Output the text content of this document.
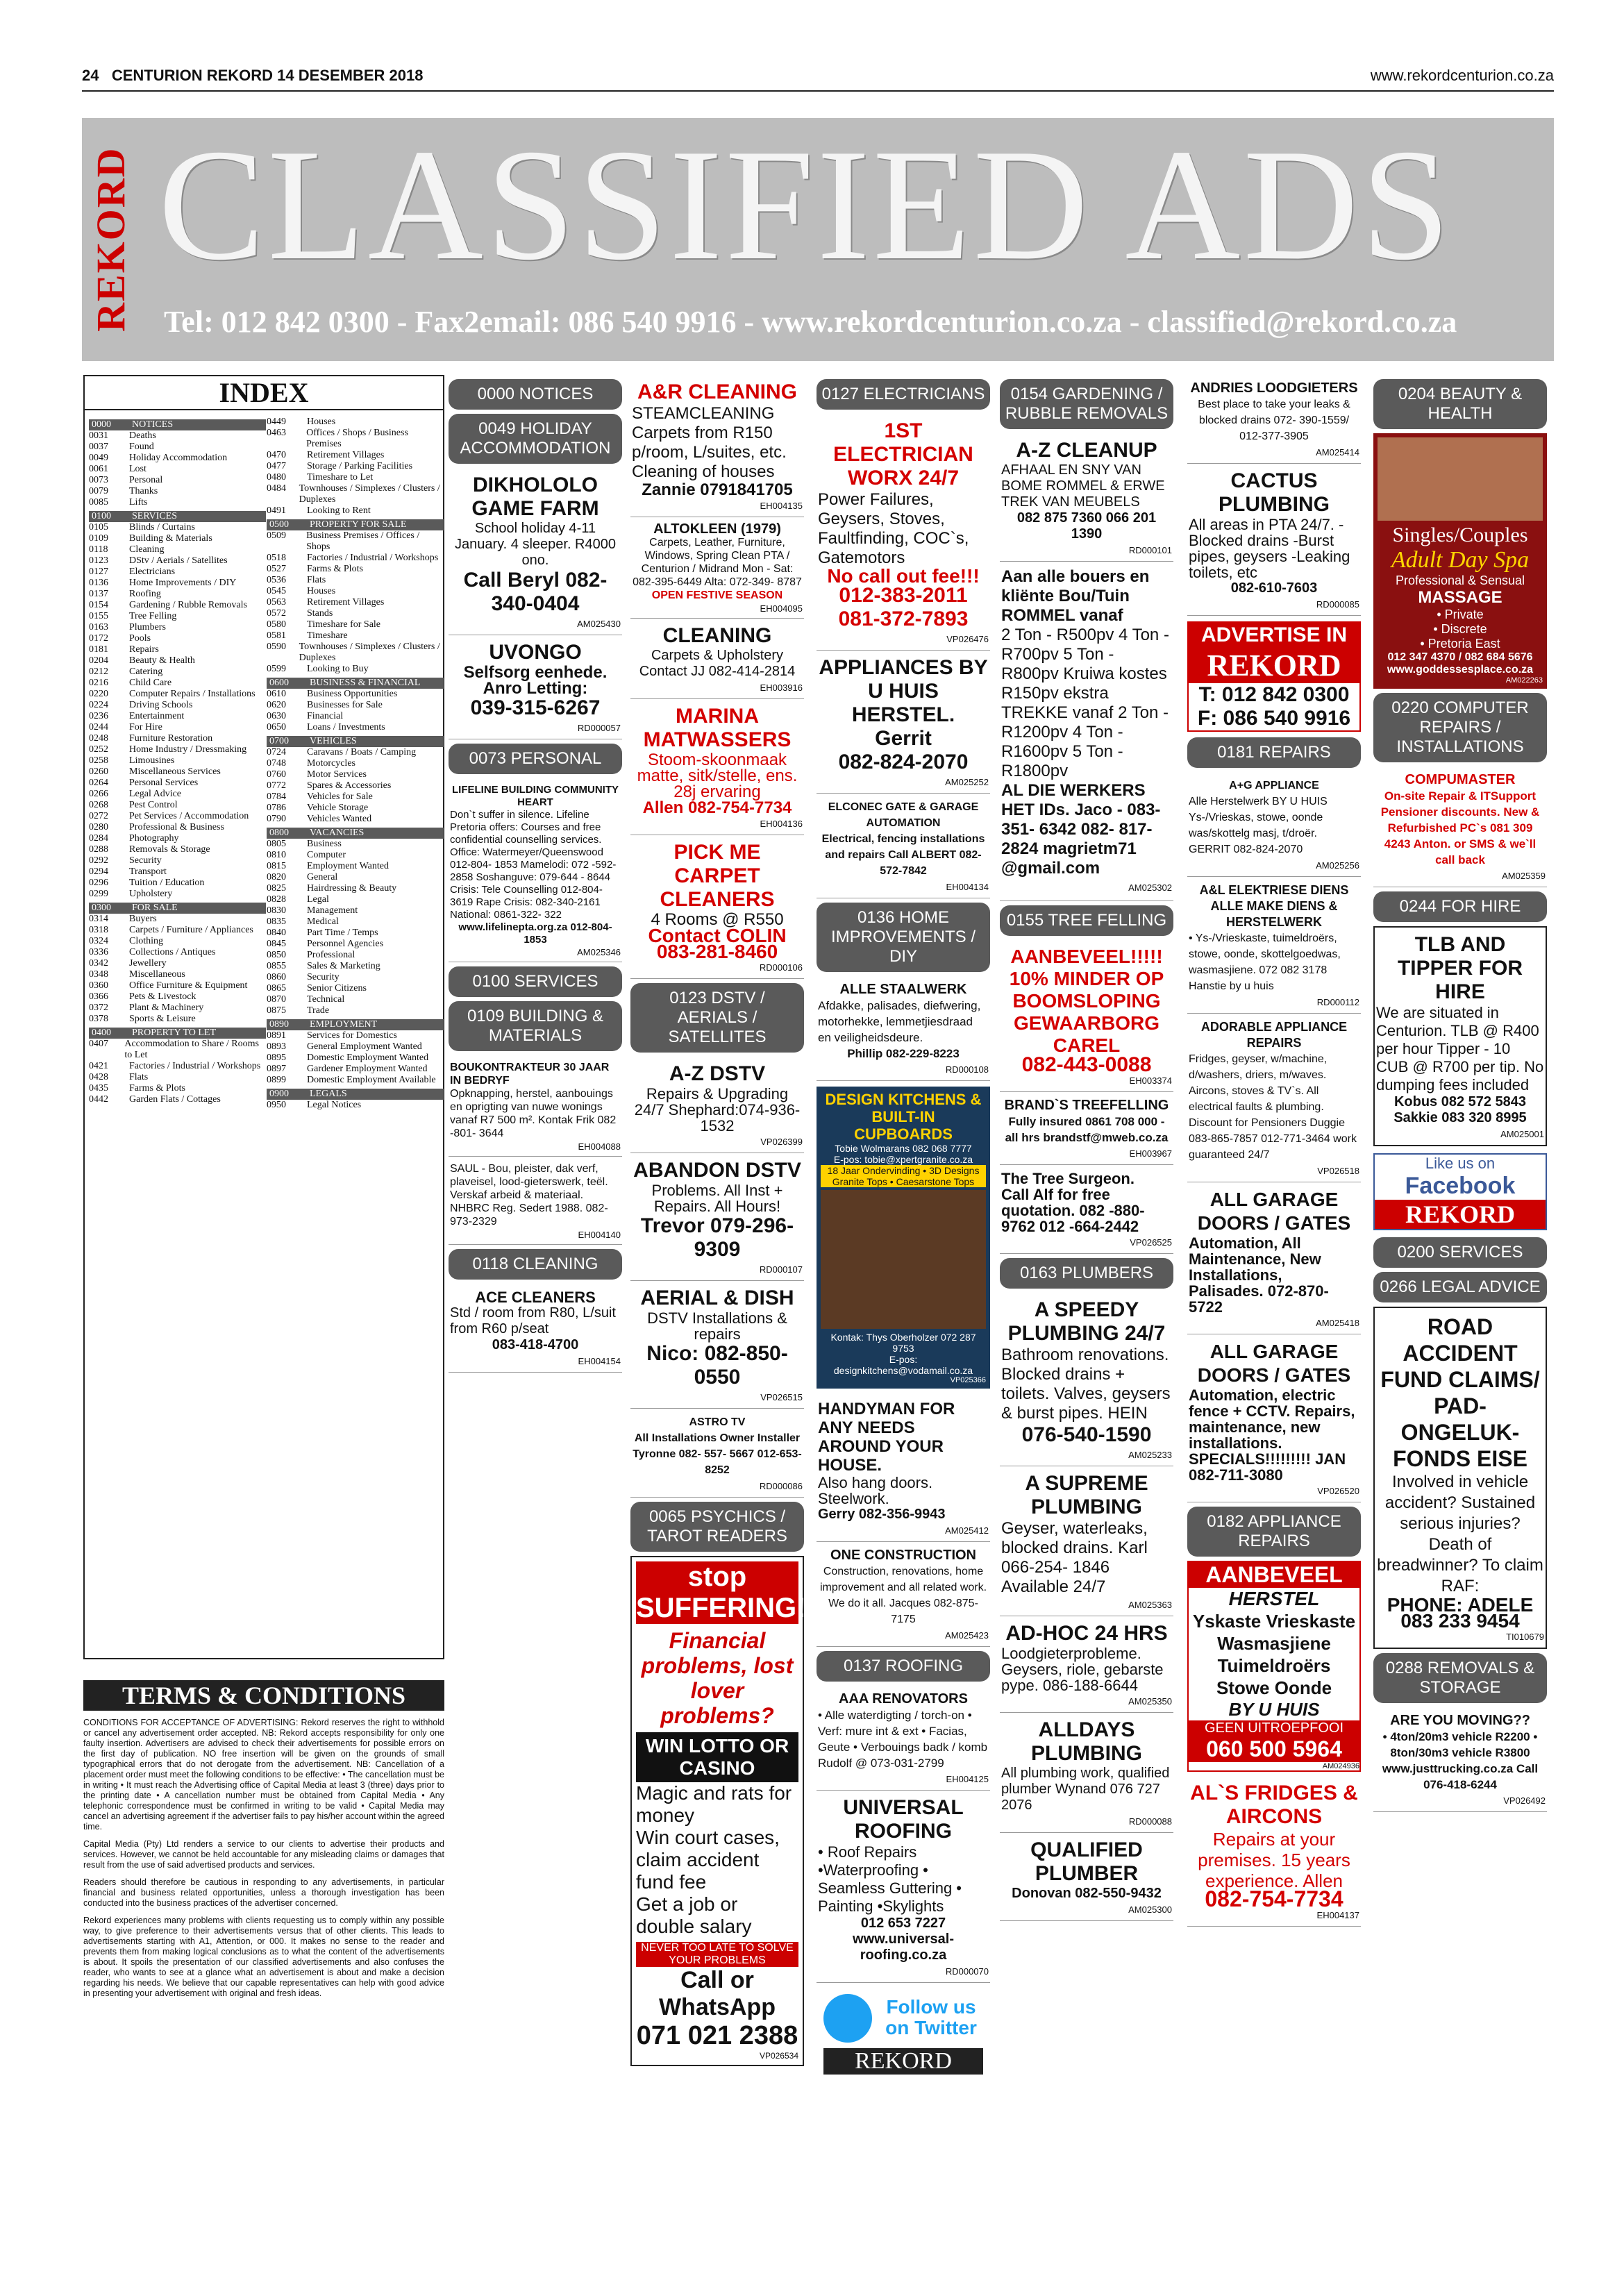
24 CENTURION REKORD 14 DESEMBER 2018	www.rekordcenturion.co.za
REKORD CLASSIFIED ADS
Tel: 012 842 0300 - Fax2email: 086 540 9916 - www.rekordcenturion.co.za - classified@rekord.co.za
INDEX
0000	NOTICES
0031	Deaths
0037	Found
0049	Holiday Accommodation
0061	Lost
0073	Personal
0079	Thanks
0085	Lifts
0100	SERVICES
0105	Blinds / Curtains
0109	Building & Materials
0118	Cleaning
0123	DStv / Aerials / Satellites
0127	Electricians
0136	Home Improvements / DIY
0137	Roofing
0154	Gardening / Rubble Removals
0155	Tree Felling
0163	Plumbers
0172	Pools
0181	Repairs
0204	Beauty & Health
0212	Catering
0216	Child Care
0220	Computer Repairs / Installations
0224	Driving Schools
0236	Entertainment
0244	For Hire
0248	Furniture Restoration
0252	Home Industry / Dressmaking
0258	Limousines
0260	Miscellaneous Services
0264	Personal Services
0266	Legal Advice
0268	Pest Control
0272	Pet Services / Accommodation
0280	Professional & Business
0284	Photography
0288	Removals & Storage
0292	Security
0294	Transport
0296	Tuition / Education
0299	Upholstery
0300	FOR SALE
0314	Buyers
0318	Carpets / Furniture / Appliances
0324	Clothing
0336	Collections / Antiques
0342	Jewellery
0348	Miscellaneous
0360	Office Furniture & Equipment
0366	Pets & Livestock
0372	Plant & Machinery
0378	Sports & Leisure
0400	PROPERTY TO LET
0407	Accommodation to Share / Rooms to Let
0421	Factories / Industrial / Workshops
0428	Flats
0435	Farms & Plots
0442	Garden Flats / Cottages
0449	Houses
0463	Offices / Shops / Business Premises
0470	Retirement Villages
0477	Storage / Parking Facilities
0480	Timeshare to Let
0484	Townhouses / Simplexes / Clusters / Duplexes
0491	Looking to Rent
0500	PROPERTY FOR SALE
0509	Business Premises / Offices / Shops
0518	Factories / Industrial / Workshops
0527	Farms & Plots
0536	Flats
0545	Houses
0563	Retirement Villages
0572	Stands
0580	Timeshare for Sale
0581	Timeshare
0590	Townhouses / Simplexes / Clusters / Duplexes
0599	Looking to Buy
0600	BUSINESS & FINANCIAL
0610	Business Opportunities
0620	Businesses for Sale
0630	Financial
0650	Loans / Investments
0700	VEHICLES
0724	Caravans / Boats / Camping
0748	Motorcycles
0760	Motor Services
0772	Spares & Accessories
0784	Vehicles for Sale
0786	Vehicle Storage
0790	Vehicles Wanted
0800	VACANCIES
0805	Business
0810	Computer
0815	Employment Wanted
0820	General
0825	Hairdressing & Beauty
0828	Legal
0830	Management
0835	Medical
0840	Part Time / Temps
0845	Personnel Agencies
0850	Professional
0855	Sales & Marketing
0860	Security
0865	Senior Citizens
0870	Technical
0875	Trade
0890	EMPLOYMENT
0891	Services for Domestics
0893	General Employment Wanted
0895	Domestic Employment Wanted
0897	Gardener Employment Wanted
0899	Domestic Employment Available
0900	LEGALS
0950	Legal Notices
TERMS & CONDITIONS

CONDITIONS FOR ACCEPTANCE OF ADVERTISING: Rekord reserves the right to withhold or cancel any advertisement order accepted. NB: Rekord accepts responsibility for only one faulty insertion. Advertisers are advised to check their advertisements for possible errors on the first day of publication. NO free insertion will be given on the grounds of small typographical errors that do not derogate from the advertisement. NB: Cancellation of a placement order must meet the following conditions to be effective: • The cancellation must be in writing • It must reach the Advertising office of Capital Media at least 3 (three) days prior to the printing date • A cancellation number must be obtained from Capital Media • Any telephonic correspondence must be confirmed in writing to be valid • Capital Media may cancel an advertising agreement if the advertiser fails to pay his/her account within the agreed time.

Capital Media (Pty) Ltd renders a service to our clients to advertise their products and services. However, we cannot be held accountable for any misleading claims or damages that result from the use of said advertised products and services.

Readers should therefore be cautious in responding to any advertisements, in particular financial and business related opportunities, unless a thorough investigation has been conducted into the business practices of the advertiser concerned.

Rekord experiences many problems with clients requesting us to comply within any possible way, to give preference to their advertisements versus that of other clients. This leads to advertisements starting with A1, Attention, or 000. It makes no sense to the reader and prevents them from making logical conclusions as to what the content of the advertisements is about. It spoils the presentation of our classified advertisements and also confuses the reader, who wants to see at a glance what an advertisement is about and make a decision regarding his needs. We believe that our capable representatives can help with good advice in presenting your advertisement with original and fresh ideas.

0000 NOTICES
0049 HOLIDAY ACCOMMODATION
DIKHOLOLO GAME FARM
School holiday 4-11 January. 4 sleeper. R4000 ono.
Call Beryl 082-340-0404
AM025430
UVONGO
Selfsorg eenhede. Anro Letting:
039-315-6267
RD000057
0073 PERSONAL
LIFELINE BUILDING COMMUNITY HEART
Don`t suffer in silence. Lifeline Pretoria offers: Courses and free confidential counselling services. Office: Watermeyer/Queenswood 012-804- 1853 Mamelodi: 072 -592-2858 Soshanguve: 079-644 - 8644 Crisis: Tele Counselling 012-804- 3619 Rape Crisis: 082-340-2161 National: 0861-322- 322
www.lifelinepta.org.za 012-804-1853
AM025346
0100 SERVICES
0109 BUILDING & MATERIALS
BOUKONTRAKTEUR 30 JAAR IN BEDRYF
Opknapping, herstel, aanbouings en oprigting van nuwe wonings vanaf R7 500 m². Kontak Frik 082 -801- 3644
EH004088
SAUL - Bou, pleister, dak verf, plaveisel, lood-gieterswerk, teël. Verskaf arbeid & materiaal. NHBRC Reg. Sedert 1988. 082-973-2329
EH004140
0118 CLEANING
ACE CLEANERS
Std / room from R80, L/suit from R60 p/seat
083-418-4700
EH004154
A&R CLEANING
STEAMCLEANING Carpets from R150 p/room, L/suites, etc. Cleaning of houses
Zannie 0791841705
EH004135
ALTOKLEEN (1979)
Carpets, Leather, Furniture, Windows, Spring Clean PTA / Centurion / Midrand Mon - Sat: 082-395-6449 Alta: 072-349- 8787
OPEN FESTIVE SEASON
EH004095
CLEANING
Carpets & Upholstery Contact JJ 082-414-2814
EH003916
MARINA MATWASSERS
Stoom-skoonmaak matte, sitk/stelle, ens. 28j ervaring
Allen 082-754-7734
EH004136
PICK ME CARPET CLEANERS
4 Rooms @ R550
Contact COLIN 083-281-8460
RD000106
0123 DSTV / AERIALS / SATELLITES
A-Z DSTV
Repairs & Upgrading 24/7 Shephard:074-936-1532
VP026399
ABANDON DSTV
Problems. All Inst + Repairs. All Hours!
Trevor 079-296- 9309
RD000107
AERIAL & DISH
DSTV Installations & repairs
Nico: 082-850-0550
VP026515
ASTRO TV
All Installations Owner Installer Tyronne 082- 557- 5667 012-653-8252
RD000086
0065 PSYCHICS / TAROT READERS
stop SUFFERING!!!
Financial problems, lost lover problems?
WIN LOTTO OR CASINO
Magic and rats for money
Win court cases,
claim accident fund fee
Get a job or double salary
NEVER TOO LATE TO SOLVE YOUR PROBLEMS
Call or WhatsApp
071 021 2388
VP026534
0127 ELECTRICIANS
1ST ELECTRICIAN WORX 24/7
Power Failures, Geysers, Stoves, Faultfinding, COC`s, Gatemotors
No call out fee!!!
012-383-2011 081-372-7893
VP026476
APPLIANCES BY U HUIS HERSTEL.
Gerrit
082-824-2070
AM025252
ELCONEC GATE & GARAGE AUTOMATION
Electrical, fencing installations and repairs Call ALBERT 082-572-7842
EH004134
0136 HOME IMPROVEMENTS / DIY
ALLE STAALWERK
Afdakke, palisades, diefwering, motorhekke, lemmetjiesdraad en veiligheidsdeure.
Phillip 082-229-8223
RD000108
DESIGN KITCHENS & BUILT-IN CUPBOARDS
Tobie Wolmarans 082 068 7777
E-pos: tobie@xpertgranite.co.za
18 Jaar Ondervinding • 3D Designs
Granite Tops • Caesarstone Tops
Kontak: Thys Oberholzer 072 287 9753
E-pos: designkitchens@vodamail.co.za
VP025366
HANDYMAN FOR ANY NEEDS AROUND YOUR HOUSE.
Also hang doors. Steelwork.
Gerry 082-356-9943
AM025412
ONE CONSTRUCTION
Construction, renovations, home improvement and all related work. We do it all. Jacques 082-875-7175
AM025423
0137 ROOFING
AAA RENOVATORS
• Alle waterdigting / torch-on • Verf: mure int & ext • Facias, Geute • Verbouings badk / komb Rudolf @ 073-031-2799
EH004125
UNIVERSAL ROOFING
• Roof Repairs •Waterproofing • Seamless Guttering • Painting •Skylights
012 653 7227 www.universal-roofing.co.za
RD000070
Follow us on Twitter
REKORD
0154 GARDENING / RUBBLE REMOVALS
A-Z CLEANUP
AFHAAL EN SNY VAN BOME ROMMEL & ERWE TREK VAN MEUBELS
082 875 7360 066 201 1390
RD000101
Aan alle bouers en kliënte Bou/Tuin ROMMEL vanaf
2 Ton - R500pv 4 Ton - R700pv 5 Ton - R800pv Kruiwa kostes R150pv ekstra TREKKE vanaf 2 Ton - R1200pv 4 Ton - R1600pv 5 Ton - R1800pv
AL DIE WERKERS HET IDs. Jaco - 083-351- 6342 082- 817- 2824 magrietm71 @gmail.com
AM025302
0155 TREE FELLING
AANBEVEEL!!!!! 10% MINDER OP BOOMSLOPING GEWAARBORG CAREL
082-443-0088
EH003374
BRAND`S TREEFELLING
Fully insured 0861 708 000 - all hrs brandstf@mweb.co.za
EH003967
The Tree Surgeon.
Call Alf for free quotation. 082 -880-9762 012 -664-2442
VP026525
0163 PLUMBERS
A SPEEDY PLUMBING 24/7
Bathroom renovations. Blocked drains + toilets. Valves, geysers & burst pipes. HEIN
076-540-1590
AM025233
A SUPREME PLUMBING
Geyser, waterleaks, blocked drains. Karl 066-254- 1846 Available 24/7
AM025363
AD-HOC 24 HRS
Loodgieterprobleme. Geysers, riole, gebarste pype. 086-188-6644
AM025350
ALLDAYS PLUMBING
All plumbing work, qualified plumber Wynand 076 727 2076
RD000088
QUALIFIED PLUMBER
Donovan 082-550-9432
AM025300
ANDRIES LOODGIETERS
Best place to take your leaks & blocked drains 072- 390-1559/ 012-377-3905
AM025414
CACTUS PLUMBING
All areas in PTA 24/7. -Blocked drains -Burst pipes, geysers -Leaking toilets, etc
082-610-7603
RD000085
ADVERTISE IN
REKORD
T: 012 842 0300
F: 086 540 9916
0181 REPAIRS
A+G APPLIANCE
Alle Herstelwerk BY U HUIS Ys-/Vrieskas, stowe, oonde was/skottelg masj, t/droër. GERRIT 082-824-2070
AM025256
A&L ELEKTRIESE DIENS ALLE MAKE DIENS & HERSTELWERK
• Ys-/Vrieskaste, tuimeldroërs, stowe, oonde, skottelgoedwas, wasmasjiene. 072 082 3178 Hanstie by u huis
RD000112
ADORABLE APPLIANCE REPAIRS
Fridges, geyser, w/machine, d/washers, driers, m/waves. Aircons, stoves & TV`s. All electrical faults & plumbing. Discount for Pensioners Duggie 083-865-7857 012-771-3464 work guaranteed 24/7
VP026518
ALL GARAGE DOORS / GATES
Automation, All Maintenance, New Installations, Palisades. 072-870-5722
AM025418
ALL GARAGE DOORS / GATES
Automation, electric fence + CCTV. Repairs, maintenance, new installations. SPECIALS!!!!!!!!! JAN 082-711-3080
VP026520
0182 APPLIANCE REPAIRS
AANBEVEEL
HERSTEL
Yskaste Vrieskaste Wasmasjiene Tuimeldroërs Stowe Oonde
BY U HUIS
GEEN UITROEPFOOI
060 500 5964
AM024936
AL`S FRIDGES & AIRCONS
Repairs at your premises. 15 years experience. Allen
082-754-7734
EH004137
0204 BEAUTY & HEALTH
Singles/Couples
Adult Day Spa
Professional & Sensual
MASSAGE
• Private
• Discrete
• Pretoria East
012 347 4370 / 082 684 5676
www.goddessesplace.co.za
AM022263
0220 COMPUTER REPAIRS / INSTALLATIONS
COMPUMASTER
On-site Repair & ITSupport Pensioner discounts. New & Refurbished PC`s 081 309 4243 Anton. or SMS & we`ll call back
AM025359
0244 FOR HIRE
TLB AND TIPPER FOR HIRE
We are situated in Centurion. TLB @ R400 per hour Tipper - 10 CUB @ R700 per tip. No dumping fees included
Kobus 082 572 5843 Sakkie 083 320 8995
AM025001
Like us on
Facebook
REKORD
0200 SERVICES
0266 LEGAL ADVICE
ROAD ACCIDENT FUND CLAIMS/ PAD-ONGELUK-FONDS EISE
Involved in vehicle accident? Sustained serious injuries? Death of breadwinner? To claim RAF:
PHONE: ADELE
083 233 9454
TI010679
0288 REMOVALS & STORAGE
ARE YOU MOVING??
• 4ton/20m3 vehicle R2200 • 8ton/30m3 vehicle R3800 www.justtrucking.co.za Call 076-418-6244
VP026492
